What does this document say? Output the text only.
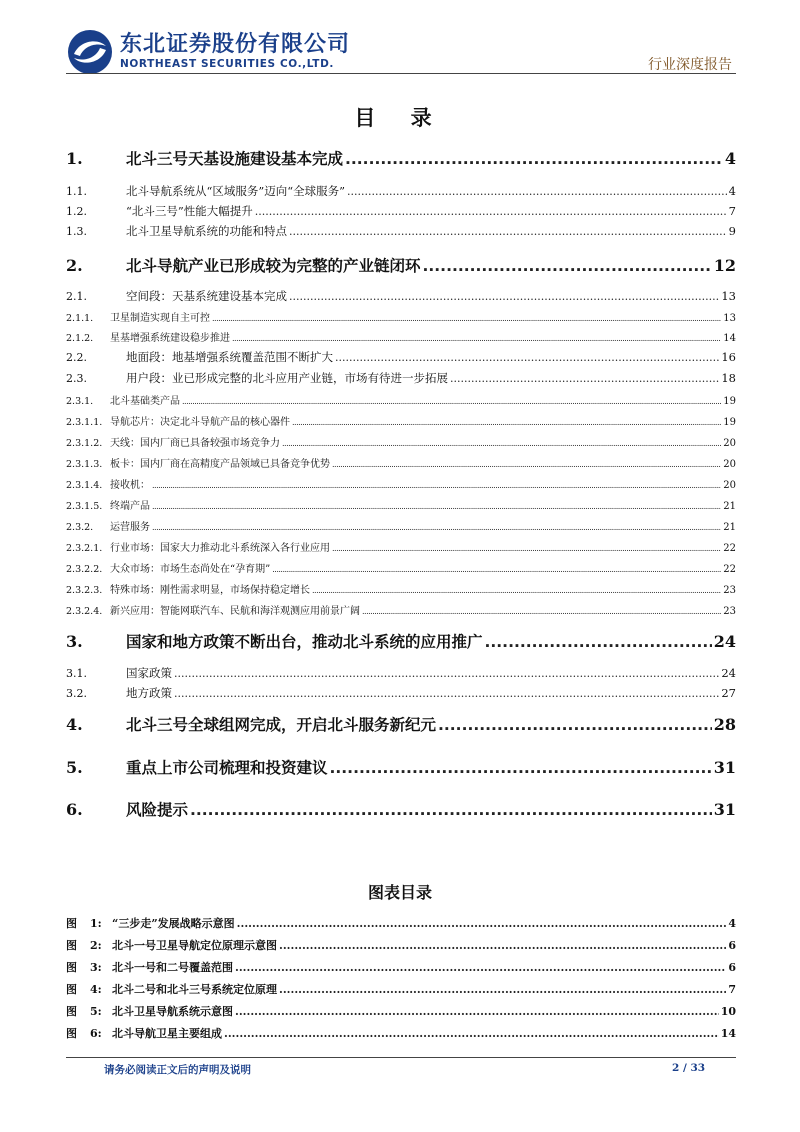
东北证券股份有限公司
NORTHEAST SECURITIES CO.,LTD.	行业深度报告
目 录
1.	北斗三号天基设施建设基本完成 .....	4
1.1.	北斗导航系统从“区域服务”迈向“全球服务” .....	4
1.2.	“北斗三号”性能大幅提升 .....	7
1.3.	北斗卫星导航系统的功能和特点 .....	9
2.	北斗导航产业已形成较为完整的产业链闭环 .....	12
2.1.	空间段：天基系统建设基本完成 .....	13
2.1.1.	卫星制造实现自主可控 .....	13
2.1.2.	星基增强系统建设稳步推进 .....	14
2.2.	地面段：地基增强系统覆盖范围不断扩大 .....	16
2.3.	用户段：业已形成完整的北斗应用产业链，市场有待进一步拓展 .....	18
2.3.1.	北斗基础类产品 .....	19
2.3.1.1. 导航芯片：决定北斗导航产品的核心器件 .....	19
2.3.1.2. 天线：国内厂商已具备较强市场竞争力 .....	20
2.3.1.3. 板卡：国内厂商在高精度产品领域已具备竞争优势 .....	20
2.3.1.4. 接收机： .....	20
2.3.1.5. 终端产品 .....	21
2.3.2.	运营服务 .....	21
2.3.2.1. 行业市场：国家大力推动北斗系统深入各行业应用 .....	22
2.3.2.2. 大众市场：市场生态尚处在“孕育期” .....	22
2.3.2.3. 特殊市场：刚性需求明显，市场保持稳定增长 .....	23
2.3.2.4. 新兴应用：智能网联汽车、民航和海洋观测应用前景广阔 .....	23
3.	国家和地方政策不断出台，推动北斗系统的应用推广 .....	24
3.1.	国家政策 .....	24
3.2.	地方政策 .....	27
4.	北斗三号全球组网完成，开启北斗服务新纪元 .....	28
5.	重点上市公司梳理和投资建议 .....	31
6.	风险提示 .....	31
图表目录
图	1: “三步走”发展战略示意图 .....	4
图	2: 北斗一号卫星导航定位原理示意图 .....	6
图	3: 北斗一号和二号覆盖范围 .....	6
图	4: 北斗二号和北斗三号系统定位原理 .....	7
图	5: 北斗卫星导航系统示意图 .....	10
图	6: 北斗导航卫星主要组成 .....	14
请务必阅读正文后的声明及说明	2 / 33
